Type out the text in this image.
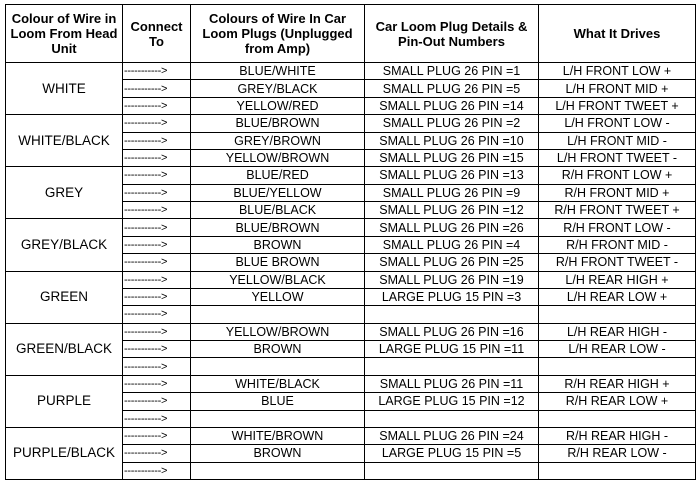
Colour of Wire in Loom From Head Unit	Connect To	Colours of Wire In Car Loom Plugs (Unplugged from Amp)	Car Loom Plug Details & Pin-Out Numbers	What It Drives
WHITE	----------->	BLUE/WHITE	SMALL PLUG 26 PIN =1	L/H FRONT LOW +
	----------->	GREY/BLACK	SMALL PLUG 26 PIN =5	L/H FRONT MID +
	----------->	YELLOW/RED	SMALL PLUG 26 PIN =14	L/H FRONT TWEET +
WHITE/BLACK	----------->	BLUE/BROWN	SMALL PLUG 26 PIN =2	L/H FRONT LOW -
	----------->	GREY/BROWN	SMALL PLUG 26 PIN =10	L/H FRONT MID -
	----------->	YELLOW/BROWN	SMALL PLUG 26 PIN =15	L/H FRONT TWEET -
GREY	----------->	BLUE/RED	SMALL PLUG 26 PIN =13	R/H FRONT LOW +
	----------->	BLUE/YELLOW	SMALL PLUG 26 PIN =9	R/H FRONT MID +
	----------->	BLUE/BLACK	SMALL PLUG 26 PIN =12	R/H FRONT TWEET +
GREY/BLACK	----------->	BLUE/BROWN	SMALL PLUG 26 PIN =26	R/H FRONT LOW -
	----------->	BROWN	SMALL PLUG 26 PIN =4	R/H FRONT MID -
	----------->	BLUE BROWN	SMALL PLUG 26 PIN =25	R/H FRONT TWEET -
GREEN	----------->	YELLOW/BLACK	SMALL PLUG 26 PIN =19	L/H REAR HIGH +
	----------->	YELLOW	LARGE PLUG 15 PIN =3	L/H REAR LOW +
	----------->			
GREEN/BLACK	----------->	YELLOW/BROWN	SMALL PLUG 26 PIN =16	L/H REAR HIGH -
	----------->	BROWN	LARGE PLUG 15 PIN =11	L/H REAR LOW -
	----------->			
PURPLE	----------->	WHITE/BLACK	SMALL PLUG 26 PIN =11	R/H REAR HIGH +
	----------->	BLUE	LARGE PLUG 15 PIN =12	R/H REAR LOW +
	----------->			
PURPLE/BLACK	----------->	WHITE/BROWN	SMALL PLUG 26 PIN =24	R/H REAR HIGH -
	----------->	BROWN	LARGE PLUG 15 PIN =5	R/H REAR LOW -
	----------->			
